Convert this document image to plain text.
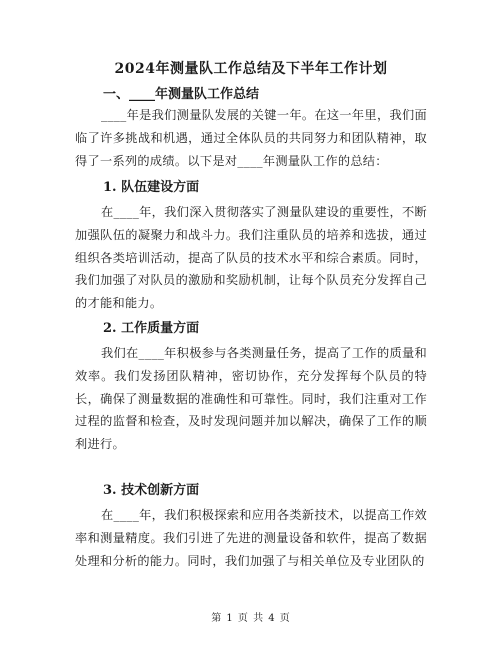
2024年测量队工作总结及下半年工作计划
一、____年测量队工作总结
____年是我们测量队发展的关键一年。在这一年里，我们面临了许多挑战和机遇，通过全体队员的共同努力和团队精神，取得了一系列的成绩。以下是对____年测量队工作的总结：
1. 队伍建设方面
在____年，我们深入贯彻落实了测量队建设的重要性，不断加强队伍的凝聚力和战斗力。我们注重队员的培养和选拔，通过组织各类培训活动，提高了队员的技术水平和综合素质。同时，我们加强了对队员的激励和奖励机制，让每个队员充分发挥自己的才能和能力。
2. 工作质量方面
我们在____年积极参与各类测量任务，提高了工作的质量和效率。我们发扬团队精神，密切协作，充分发挥每个队员的特长，确保了测量数据的准确性和可靠性。同时，我们注重对工作过程的监督和检查，及时发现问题并加以解决，确保了工作的顺利进行。
3. 技术创新方面
在____年，我们积极探索和应用各类新技术，以提高工作效率和测量精度。我们引进了先进的测量设备和软件，提高了数据处理和分析的能力。同时，我们加强了与相关单位及专业团队的
第 1 页 共 4 页
